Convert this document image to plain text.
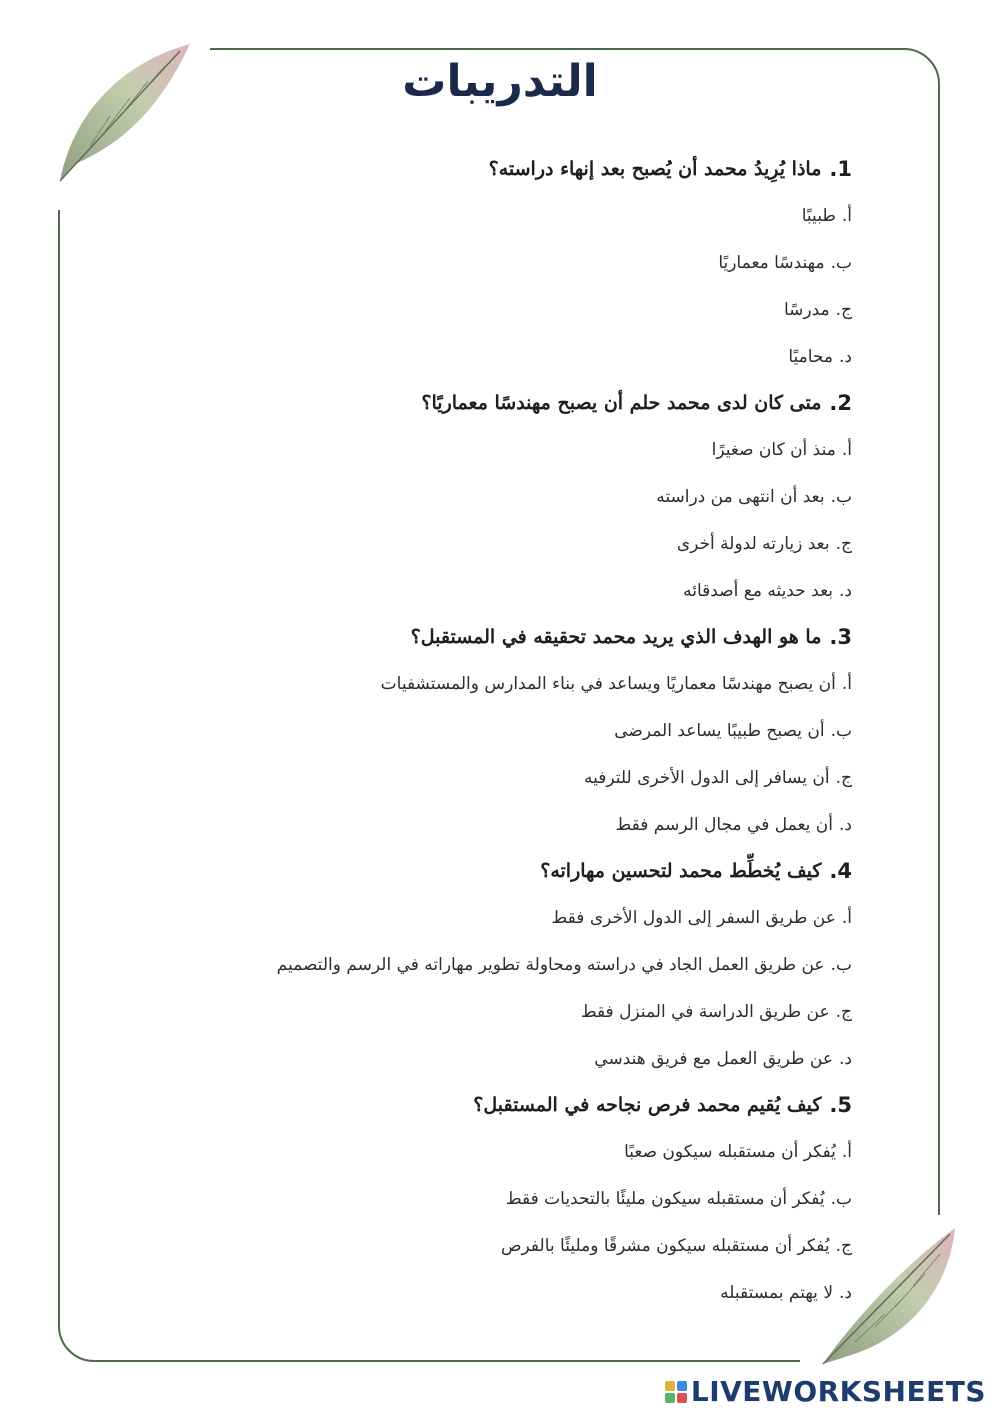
التدريبات
1.
ماذا يُرِيدُ محمد أن يُصبح بعد إنهاء دراسته؟
أ.
طبيبًا
ب.
مهندسًا معماريًا
ج.
مدرسًا
د.
محاميًا
2.
متى كان لدى محمد حلم أن يصبح مهندسًا معماريًا؟
أ.
منذ أن كان صغيرًا
ب.
بعد أن انتهى من دراسته
ج.
بعد زيارته لدولة أخرى
د.
بعد حديثه مع أصدقائه
3.
ما هو الهدف الذي يريد محمد تحقيقه في المستقبل؟
أ.
أن يصبح مهندسًا معماريًا ويساعد في بناء المدارس والمستشفيات
ب.
أن يصبح طبيبًا يساعد المرضى
ج.
أن يسافر إلى الدول الأخرى للترفيه
د.
أن يعمل في مجال الرسم فقط
4.
كيف يُخطِّط محمد لتحسين مهاراته؟
أ.
عن طريق السفر إلى الدول الأخرى فقط
ب.
عن طريق العمل الجاد في دراسته ومحاولة تطوير مهاراته في الرسم والتصميم
ج.
عن طريق الدراسة في المنزل فقط
د.
عن طريق العمل مع فريق هندسي
5.
كيف يُقيم محمد فرص نجاحه في المستقبل؟
أ.
يُفكر أن مستقبله سيكون صعبًا
ب.
يُفكر أن مستقبله سيكون مليئًا بالتحديات فقط
ج.
يُفكر أن مستقبله سيكون مشرقًا ومليئًا بالفرص
د.
لا يهتم بمستقبله
LIVEWORKSHEETS
